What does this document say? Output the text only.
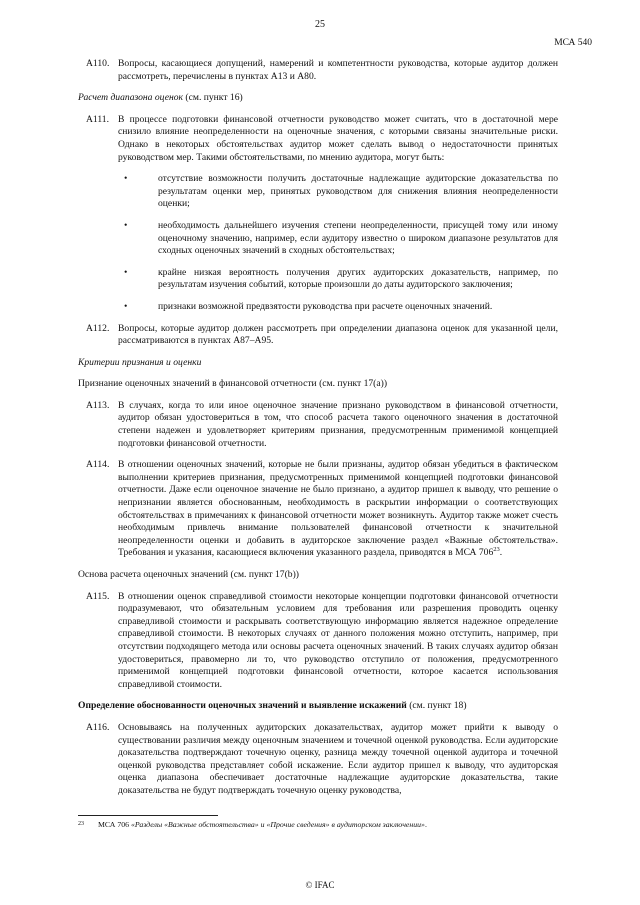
25
МСА 540
A110. Вопросы, касающиеся допущений, намерений и компетентности руководства, которые аудитор должен рассмотреть, перечислены в пунктах A13 и A80.
Расчет диапазона оценок (см. пункт 16)
A111. В процессе подготовки финансовой отчетности руководство может считать, что в достаточной мере снизило влияние неопределенности на оценочные значения, с которыми связаны значительные риски. Однако в некоторых обстоятельствах аудитор может сделать вывод о недостаточности принятых руководством мер. Такими обстоятельствами, по мнению аудитора, могут быть:
•	отсутствие возможности получить достаточные надлежащие аудиторские доказательства по результатам оценки мер, принятых руководством для снижения влияния неопределенности оценки;
•	необходимость дальнейшего изучения степени неопределенности, присущей тому или иному оценочному значению, например, если аудитору известно о широком диапазоне результатов для сходных оценочных значений в сходных обстоятельствах;
•	крайне низкая вероятность получения других аудиторских доказательств, например, по результатам изучения событий, которые произошли до даты аудиторского заключения;
•	признаки возможной предвзятости руководства при расчете оценочных значений.
A112. Вопросы, которые аудитор должен рассмотреть при определении диапазона оценок для указанной цели, рассматриваются в пунктах A87–A95.
Критерии признания и оценки
Признание оценочных значений в финансовой отчетности (см. пункт 17(a))
A113. В случаях, когда то или иное оценочное значение признано руководством в финансовой отчетности, аудитор обязан удостовериться в том, что способ расчета такого оценочного значения в достаточной степени надежен и удовлетворяет критериям признания, предусмотренным применимой концепцией подготовки финансовой отчетности.
A114. В отношении оценочных значений, которые не были признаны, аудитор обязан убедиться в фактическом выполнении критериев признания, предусмотренных применимой концепцией подготовки финансовой отчетности. Даже если оценочное значение не было признано, а аудитор пришел к выводу, что решение о непризнании является обоснованным, необходимость в раскрытии информации о соответствующих обстоятельствах в примечаниях к финансовой отчетности может возникнуть. Аудитор также может счесть необходимым привлечь внимание пользователей финансовой отчетности к значительной неопределенности оценки и добавить в аудиторское заключение раздел «Важные обстоятельства». Требования и указания, касающиеся включения указанного раздела, приводятся в МСА $706^{23}$.
Основа расчета оценочных значений (см. пункт 17(b))
A115. В отношении оценок справедливой стоимости некоторые концепции подготовки финансовой отчетности подразумевают, что обязательным условием для требования или разрешения проводить оценку справедливой стоимости и раскрывать соответствующую информацию является надежное определение справедливой стоимости. В некоторых случаях от данного положения можно отступить, например, при отсутствии подходящего метода или основы расчета оценочных значений. В таких случаях аудитор обязан удостовериться, правомерно ли то, что руководство отступило от положения, предусмотренного применимой концепцией подготовки финансовой отчетности, которое касается использования справедливой стоимости.
Определение обоснованности оценочных значений и выявление искажений (см. пункт 18)
A116. Основываясь на полученных аудиторских доказательствах, аудитор может прийти к выводу о существовании различия между оценочным значением и точечной оценкой руководства. Если аудиторские доказательства подтверждают точечную оценку, разница между точечной оценкой аудитора и точечной оценкой руководства представляет собой искажение. Если аудитор пришел к выводу, что аудиторская оценка диапазона обеспечивает достаточные надлежащие аудиторские доказательства, такие доказательства не будут подтверждать точечную оценку руководства,
$^{23}$ МСА 706 «Разделы «Важные обстоятельства» и «Прочие сведения» в аудиторском заключении».
© IFAC
